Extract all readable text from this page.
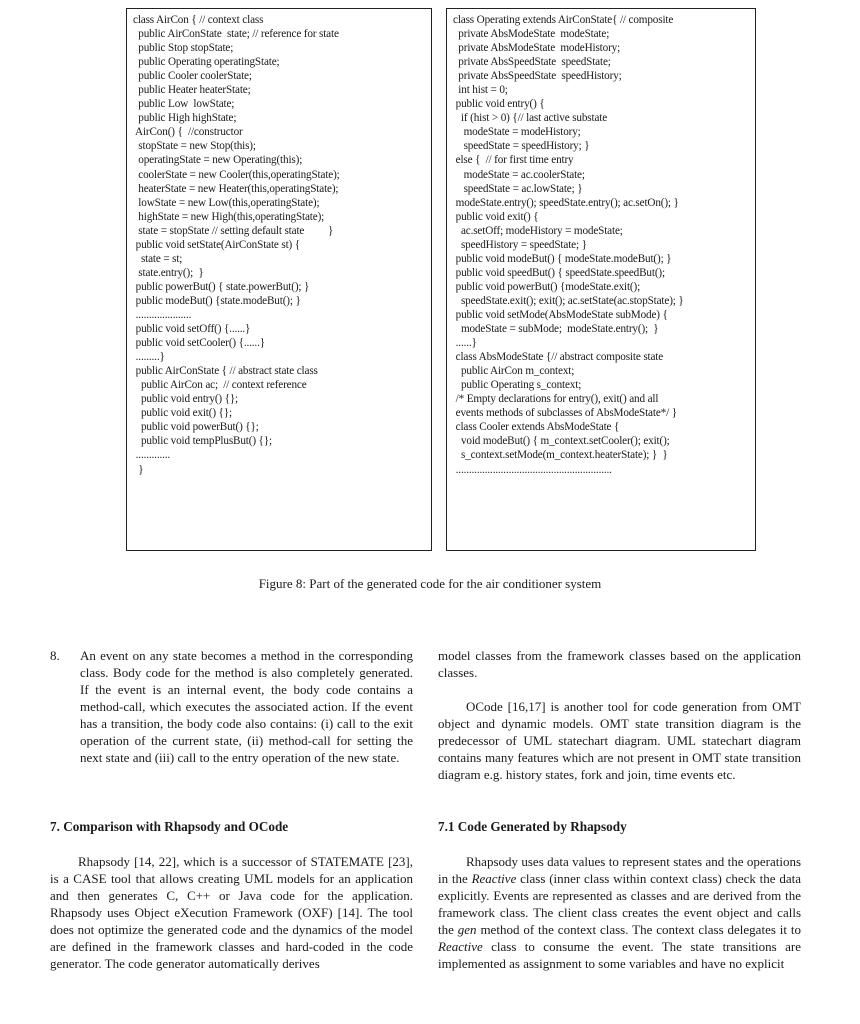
class AirCon { // context class
public AirConState  state; // reference for state
public Stop stopState;
public Operating operatingState;
public Cooler coolerState;
public Heater heaterState;
public Low  lowState;
public High highState;
AirCon() {  //constructor
stopState = new Stop(this);
operatingState = new Operating(this);
coolerState = new Cooler(this,operatingState);
heaterState = new Heater(this,operatingState);
lowState = new Low(this,operatingState);
highState = new High(this,operatingState);
state = stopState // setting default state         }
public void setState(AirConState st) {
state = st;
state.entry();  }
public powerBut() { state.powerBut(); }
public modeBut() {state.modeBut(); }
.....................
public void setOff() {......}
public void setCooler() {......}
.........}
public AirConState { // abstract state class
public AirCon ac;  // context reference
public void entry() {};
public void exit() {};
public void powerBut() {};
public void tempPlusBut() {};
.............
}
class Operating extends AirConState{ // composite
private AbsModeState  modeState;
private AbsModeState  modeHistory;
private AbsSpeedState  speedState;
private AbsSpeedState  speedHistory;
int hist = 0;
public void entry() {
if (hist > 0) {// last active substate
modeState = modeHistory;
speedState = speedHistory; }
else {  // for first time entry
modeState = ac.coolerState;
speedState = ac.lowState; }
modeState.entry(); speedState.entry(); ac.setOn(); }
public void exit() {
ac.setOff; modeHistory = modeState;
speedHistory = speedState; }
public void modeBut() { modeState.modeBut(); }
public void speedBut() { speedState.speedBut();
public void powerBut() {modeState.exit();
speedState.exit(); exit(); ac.setState(ac.stopState); }
public void setMode(AbsModeState subMode) {
modeState = subMode;  modeState.entry();  }
......}
class AbsModeState {// abstract composite state
public AirCon m_context;
public Operating s_context;
/* Empty declarations for entry(), exit() and all
events methods of subclasses of AbsModeState*/ }
class Cooler extends AbsModeState {
void modeBut() { m_context.setCooler(); exit();
s_context.setMode(m_context.heaterState); }  }
...........................................................
Figure 8: Part of the generated code for the air conditioner system
8. An event on any state becomes a method in the corresponding class. Body code for the method is also completely generated. If the event is an internal event, the body code contains a method-call, which executes the associated action. If the event has a transition, the body code also contains: (i) call to the exit operation of the current state, (ii) method-call for setting the next state and (iii) call to the entry operation of the new state.

7. Comparison with Rhapsody and OCode

Rhapsody [14, 22], which is a successor of STATEMATE [23], is a CASE tool that allows creating UML models for an application and then generates C, C++ or Java code for the application. Rhapsody uses Object eXecution Framework (OXF) [14]. The tool does not optimize the generated code and the dynamics of the model are defined in the framework classes and hard-coded in the code generator. The code generator automatically derives

model classes from the framework classes based on the application classes.

OCode [16,17] is another tool for code generation from OMT object and dynamic models. OMT state transition diagram is the predecessor of UML statechart diagram. UML statechart diagram contains many features which are not present in OMT state transition diagram e.g. history states, fork and join, time events etc.

7.1 Code Generated by Rhapsody

Rhapsody uses data values to represent states and the operations in the Reactive class (inner class within context class) check the data explicitly. Events are represented as classes and are derived from the framework class. The client class creates the event object and calls the gen method of the context class. The context class delegates it to Reactive class to consume the event. The state transitions are implemented as assignment to some variables and have no explicit
